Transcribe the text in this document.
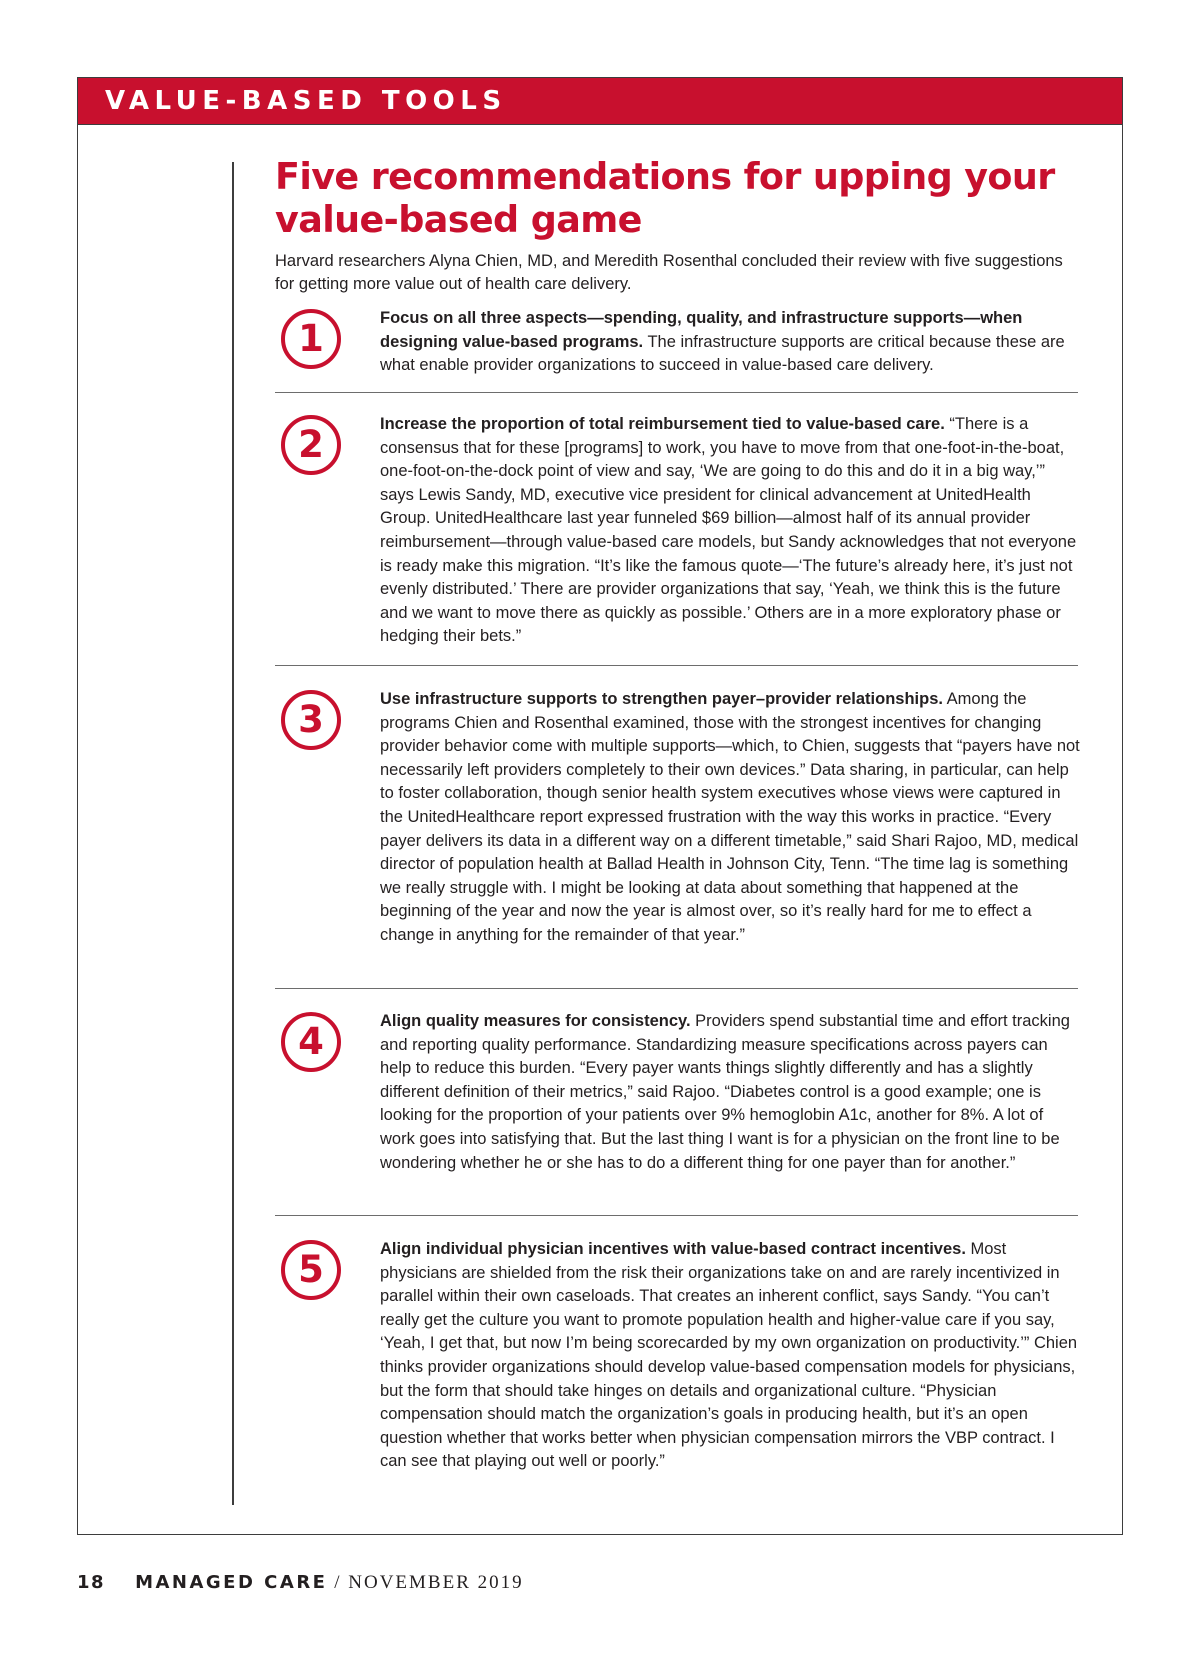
VALUE-BASED TOOLS
Five recommendations for upping your value-based game

Harvard researchers Alyna Chien, MD, and Meredith Rosenthal concluded their review with five suggestions for getting more value out of health care delivery.

1	Focus on all three aspects—spending, quality, and infrastructure supports—when designing value-based programs. The infrastructure supports are critical because these are what enable provider organizations to succeed in value-based care delivery.

2	Increase the proportion of total reimbursement tied to value-based care. “There is a consensus that for these [programs] to work, you have to move from that one-foot-in-the-boat, one-foot-on-the-dock point of view and say, ‘We are going to do this and do it in a big way,’” says Lewis Sandy, MD, executive vice president for clinical advancement at UnitedHealth Group. UnitedHealthcare last year funneled $69 billion—almost half of its annual provider reimbursement—through value-based care models, but Sandy acknowledges that not everyone is ready make this migration. “It’s like the famous quote—‘The future’s already here, it’s just not evenly distributed.’ There are provider organizations that say, ‘Yeah, we think this is the future and we want to move there as quickly as possible.’ Others are in a more exploratory phase or hedging their bets.”

3	Use infrastructure supports to strengthen payer–provider relationships. Among the programs Chien and Rosenthal examined, those with the strongest incentives for changing provider behavior come with multiple supports—which, to Chien, suggests that “payers have not necessarily left providers completely to their own devices.” Data sharing, in particular, can help to foster collaboration, though senior health system executives whose views were captured in the UnitedHealthcare report expressed frustration with the way this works in practice. “Every payer delivers its data in a different way on a different timetable,” said Shari Rajoo, MD, medical director of population health at Ballad Health in Johnson City, Tenn. “The time lag is something we really struggle with. I might be looking at data about something that happened at the beginning of the year and now the year is almost over, so it’s really hard for me to effect a change in anything for the remainder of that year.”

4	Align quality measures for consistency. Providers spend substantial time and effort tracking and reporting quality performance. Standardizing measure specifications across payers can help to reduce this burden. “Every payer wants things slightly differently and has a slightly different definition of their metrics,” said Rajoo. “Diabetes control is a good example; one is looking for the proportion of your patients over 9% hemoglobin A1c, another for 8%. A lot of work goes into satisfying that. But the last thing I want is for a physician on the front line to be wondering whether he or she has to do a different thing for one payer than for another.”

5	Align individual physician incentives with value-based contract incentives. Most physicians are shielded from the risk their organizations take on and are rarely incentivized in parallel within their own caseloads. That creates an inherent conflict, says Sandy. “You can’t really get the culture you want to promote population health and higher-value care if you say, ‘Yeah, I get that, but now I’m being scorecarded by my own organization on productivity.’” Chien thinks provider organizations should develop value-based compensation models for physicians, but the form that should take hinges on details and organizational culture. “Physician compensation should match the organization’s goals in producing health, but it’s an open question whether that works better when physician compensation mirrors the VBP contract. I can see that playing out well or poorly.”

18 MANAGED CARE / NOVEMBER 2019
